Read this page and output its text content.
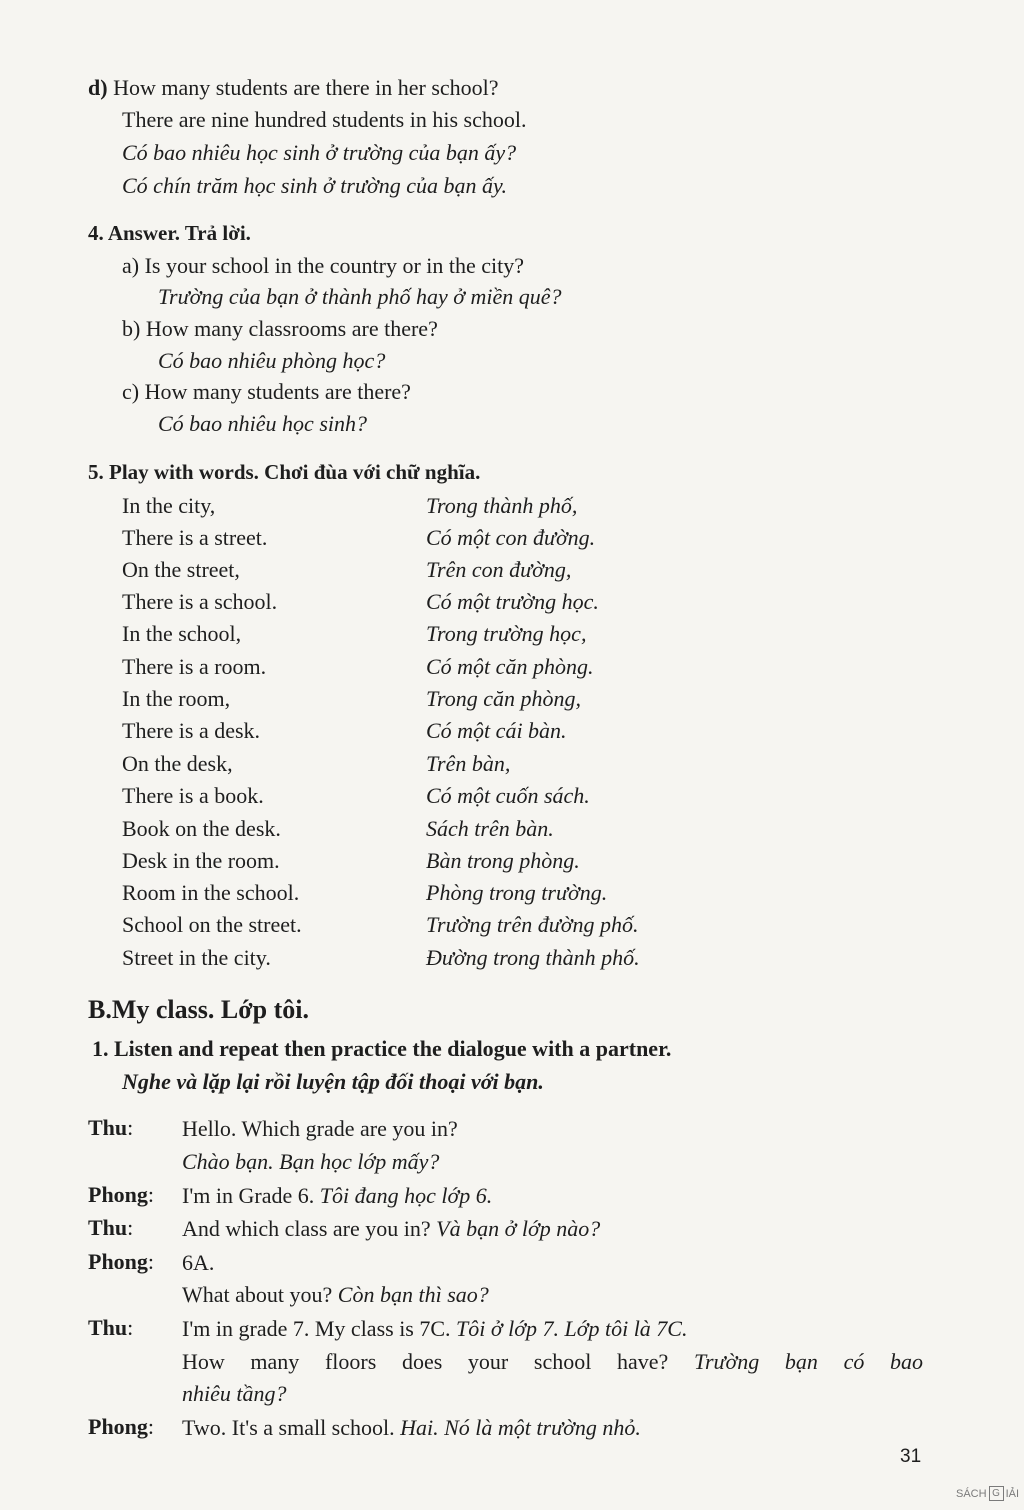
d) How many students are there in her school?
There are nine hundred students in his school.
Có bao nhiêu học sinh ở trường của bạn ấy?
Có chín trăm học sinh ở trường của bạn ấy.
4. Answer. Trả lời.
a) Is your school in the country or in the city?
Trường của bạn ở thành phố hay ở miền quê?
b) How many classrooms are there?
Có bao nhiêu phòng học?
c) How many students are there?
Có bao nhiêu học sinh?
5. Play with words. Chơi đùa với chữ nghĩa.
In the city,	Trong thành phố,
There is a street.	Có một con đường.
On the street,	Trên con đường,
There is a school.	Có một trường học.
In the school,	Trong trường học,
There is a room.	Có một căn phòng.
In the room,	Trong căn phòng,
There is a desk.	Có một cái bàn.
On the desk,	Trên bàn,
There is a book.	Có một cuốn sách.
Book on the desk.	Sách trên bàn.
Desk in the room.	Bàn trong phòng.
Room in the school.	Phòng trong trường.
School on the street.	Trường trên đường phố.
Street in the city.	Đường trong thành phố.
B.My class. Lớp tôi.
1. Listen and repeat then practice the dialogue with a partner.
Nghe và lặp lại rồi luyện tập đối thoại với bạn.
Thu: Hello. Which grade are you in?
Chào bạn. Bạn học lớp mấy?
Phong: I'm in Grade 6. Tôi đang học lớp 6.
Thu: And which class are you in? Và bạn ở lớp nào?
Phong: 6A.
What about you? Còn bạn thì sao?
Thu: I'm in grade 7. My class is 7C. Tôi ở lớp 7. Lớp tôi là 7C.
How many floors does your school have? Trường bạn có bao
nhiêu tầng?
Phong: Two. It's a small school. Hai. Nó là một trường nhỏ.
31
SÁCH G IẢI
